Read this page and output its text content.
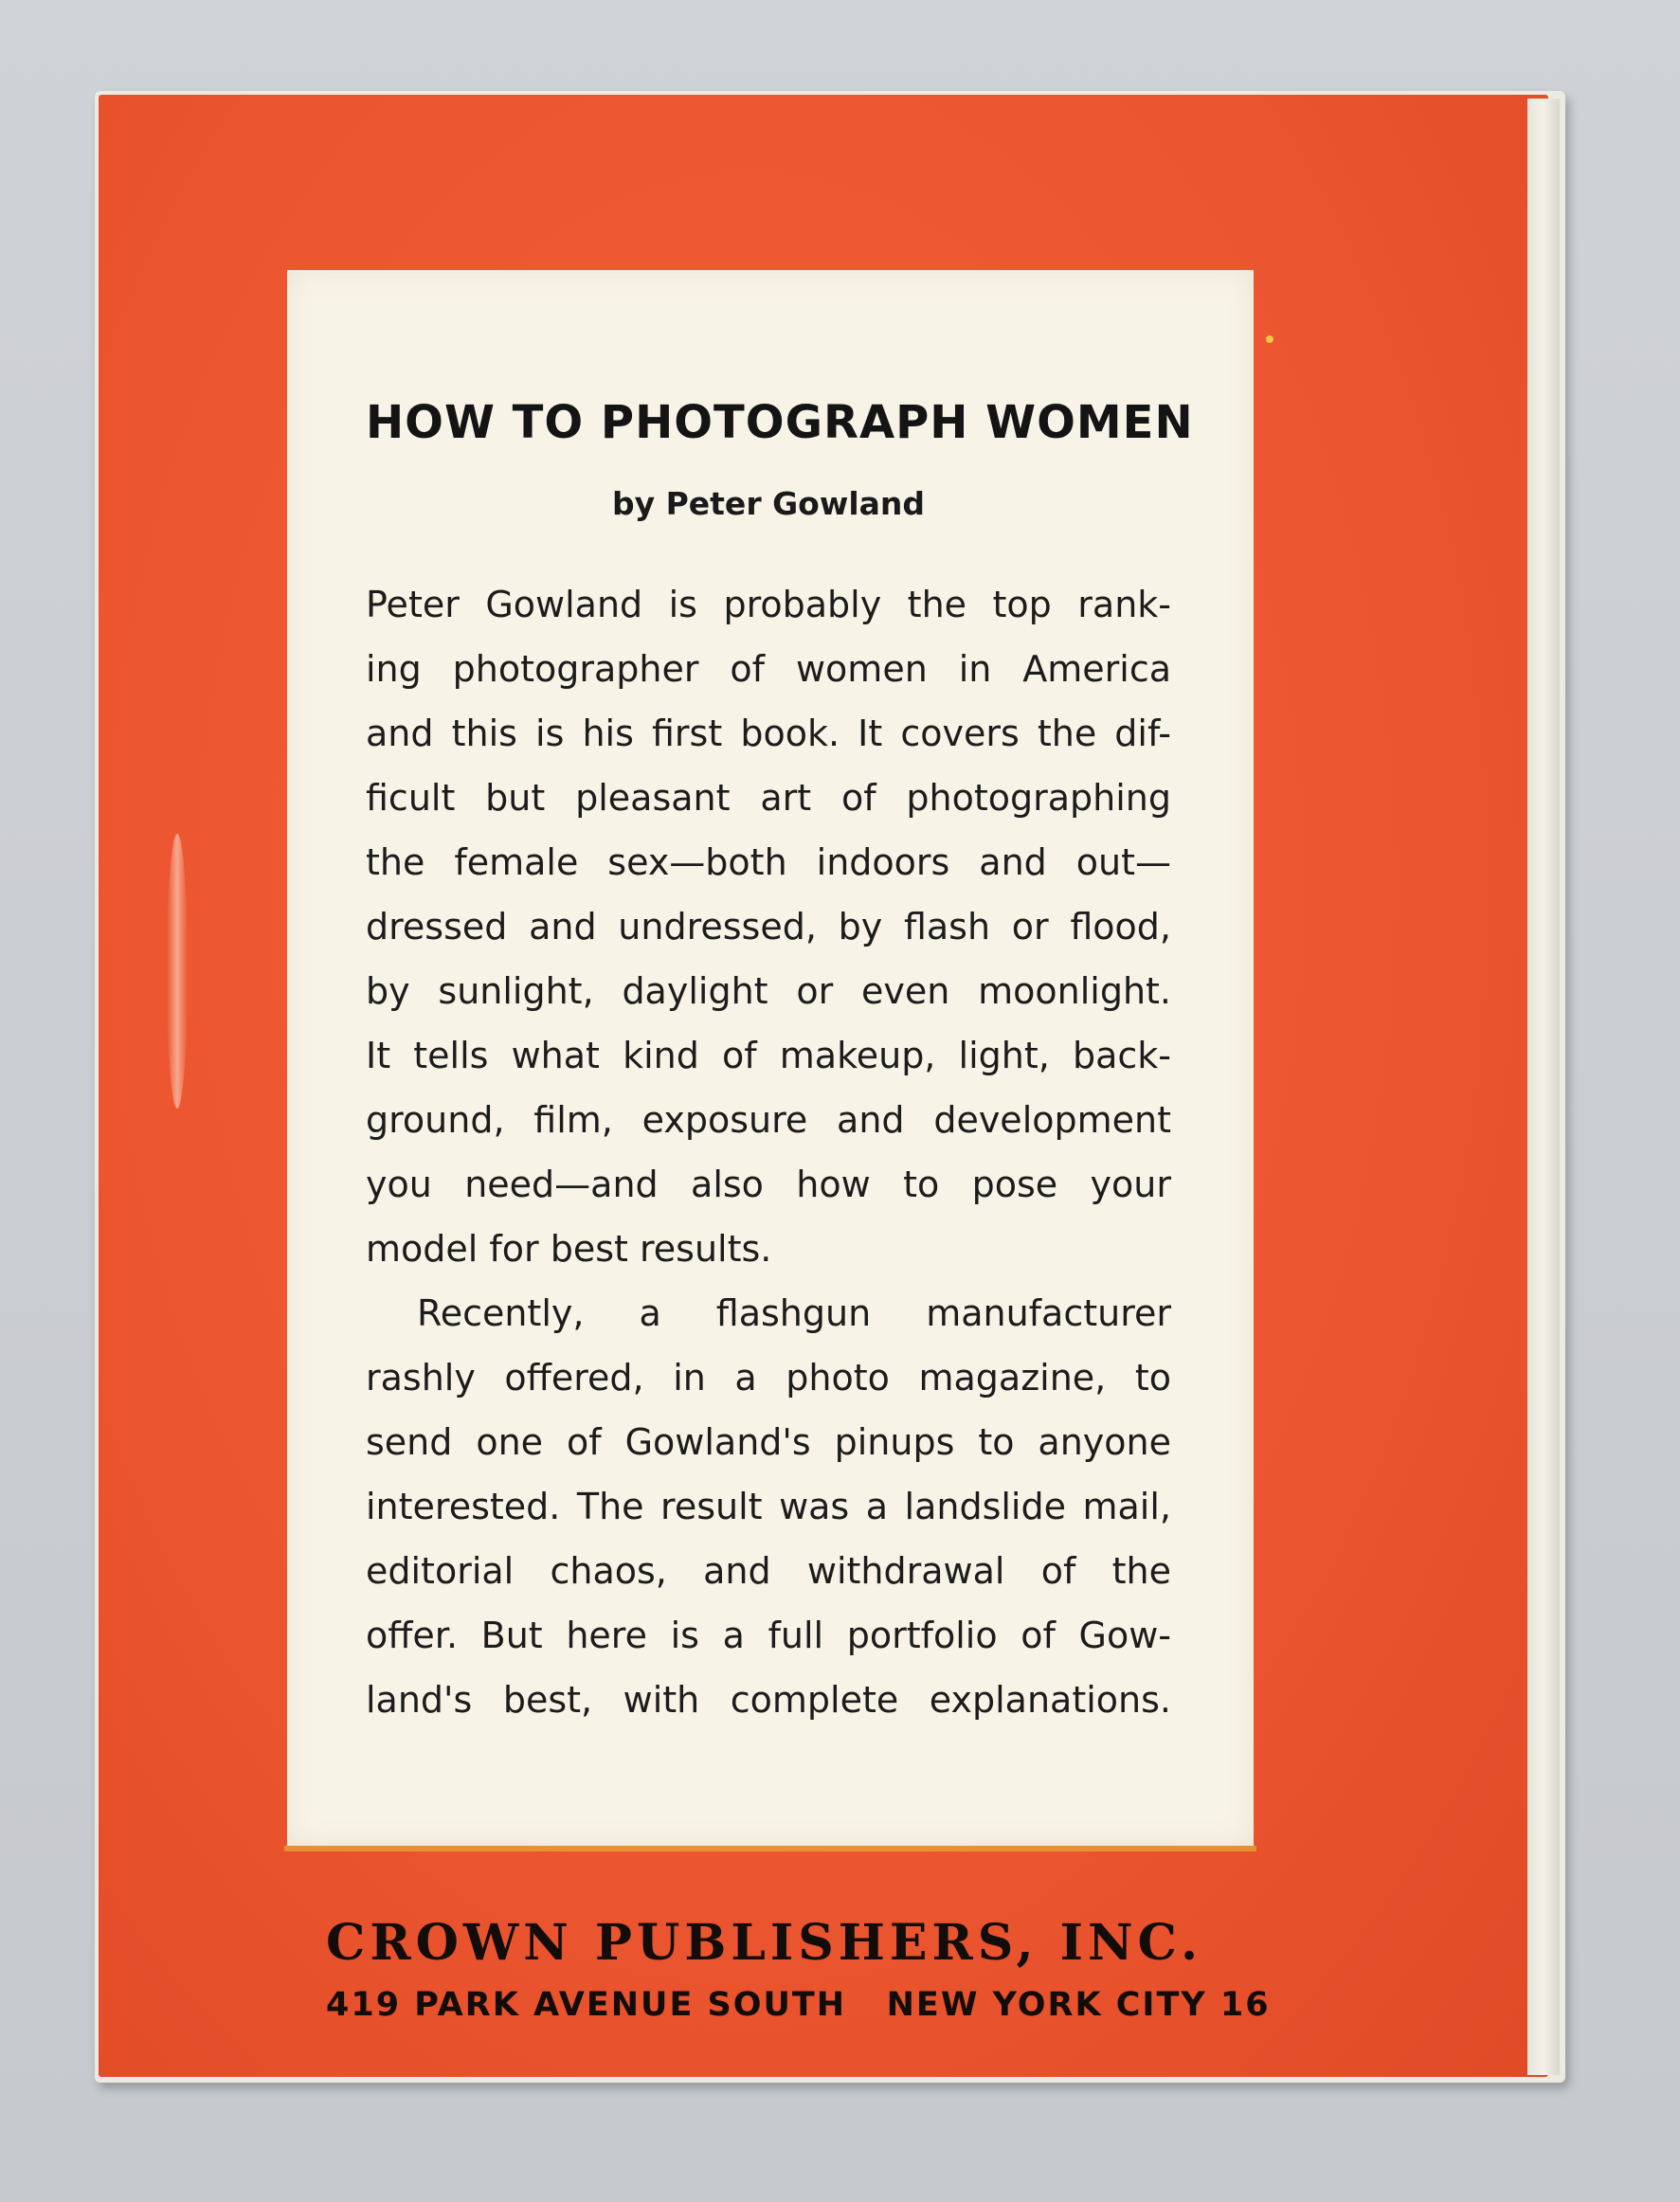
HOW TO PHOTOGRAPH WOMEN

by Peter Gowland

Peter Gowland is probably the top rank-
ing photographer of women in America
and this is his first book. It covers the dif-
ficult but pleasant art of photographing
the female sex—both indoors and out—
dressed and undressed, by flash or flood,
by sunlight, daylight or even moonlight.
It tells what kind of makeup, light, back-
ground, film, exposure and development
you need—and also how to pose your
model for best results.
Recently, a flashgun manufacturer
rashly offered, in a photo magazine, to
send one of Gowland's pinups to anyone
interested. The result was a landslide mail,
editorial chaos, and withdrawal of the
offer. But here is a full portfolio of Gow-
land's best, with complete explanations.
CROWN PUBLISHERS, INC.
419 PARK AVENUE SOUTH   NEW YORK CITY 16
